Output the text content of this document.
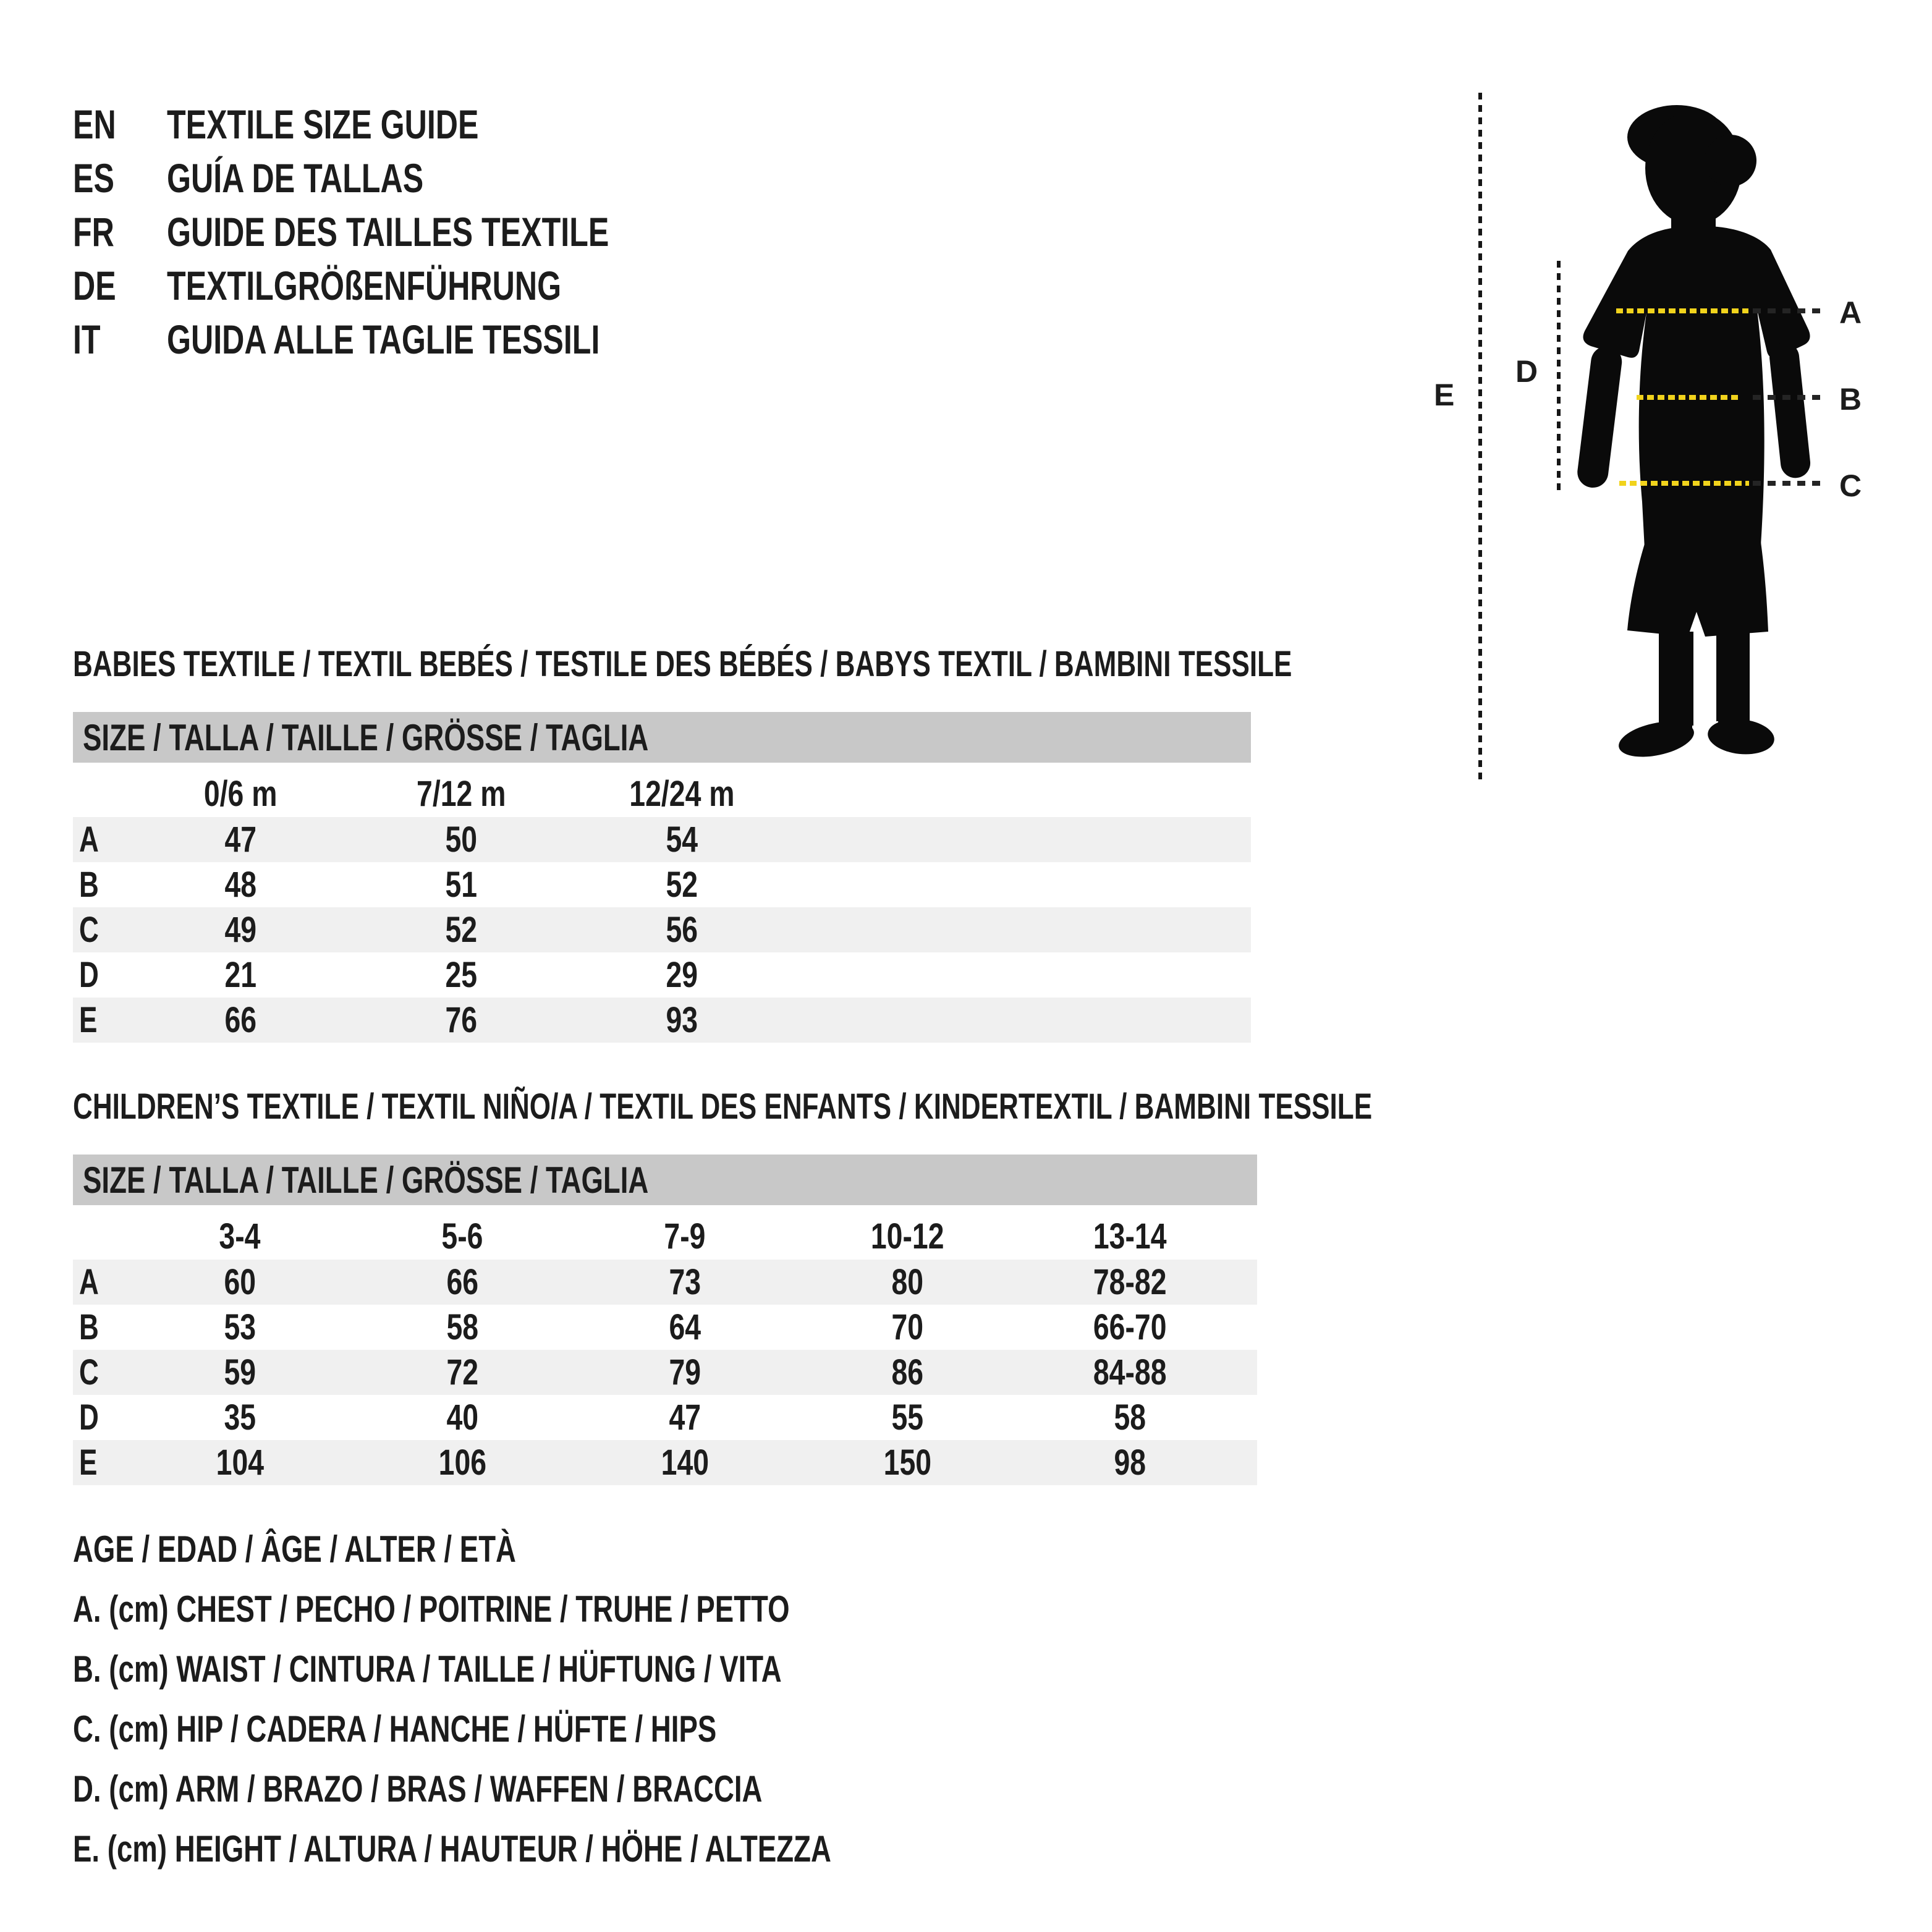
EN	TEXTILE SIZE GUIDE
ES	GUÍA DE TALLAS
FR	GUIDE DES TAILLES TEXTILE
DE	TEXTILGRÖßENFÜHRUNG
IT	GUIDA ALLE TAGLIE TESSILI
E
D
A
B
C
BABIES TEXTILE / TEXTIL BEBÉS / TESTILE DES BÉBÉS / BABYS TEXTIL / BAMBINI TESSILE
SIZE / TALLA / TAILLE / GRÖSSE / TAGLIA
	0/6 m	7/12 m	12/24 m	
A	47	50	54	
B	48	51	52	
C	49	52	56	
D	21	25	29	
E	66	76	93	
CHILDREN’S TEXTILE / TEXTIL NIÑO/A / TEXTIL DES ENFANTS / KINDERTEXTIL / BAMBINI TESSILE
SIZE / TALLA / TAILLE / GRÖSSE / TAGLIA
	3-4	5-6	7-9	10-12	13-14	
A	60	66	73	80	78-82	
B	53	58	64	70	66-70	
C	59	72	79	86	84-88	
D	35	40	47	55	58	
E	104	106	140	150	98	
AGE / EDAD / ÂGE / ALTER / ETÀ
A. (cm) CHEST / PECHO / POITRINE / TRUHE / PETTO
B. (cm) WAIST / CINTURA / TAILLE / HÜFTUNG / VITA
C. (cm) HIP / CADERA / HANCHE / HÜFTE / HIPS
D. (cm) ARM / BRAZO / BRAS / WAFFEN / BRACCIA
E. (cm) HEIGHT / ALTURA / HAUTEUR / HÖHE / ALTEZZA
